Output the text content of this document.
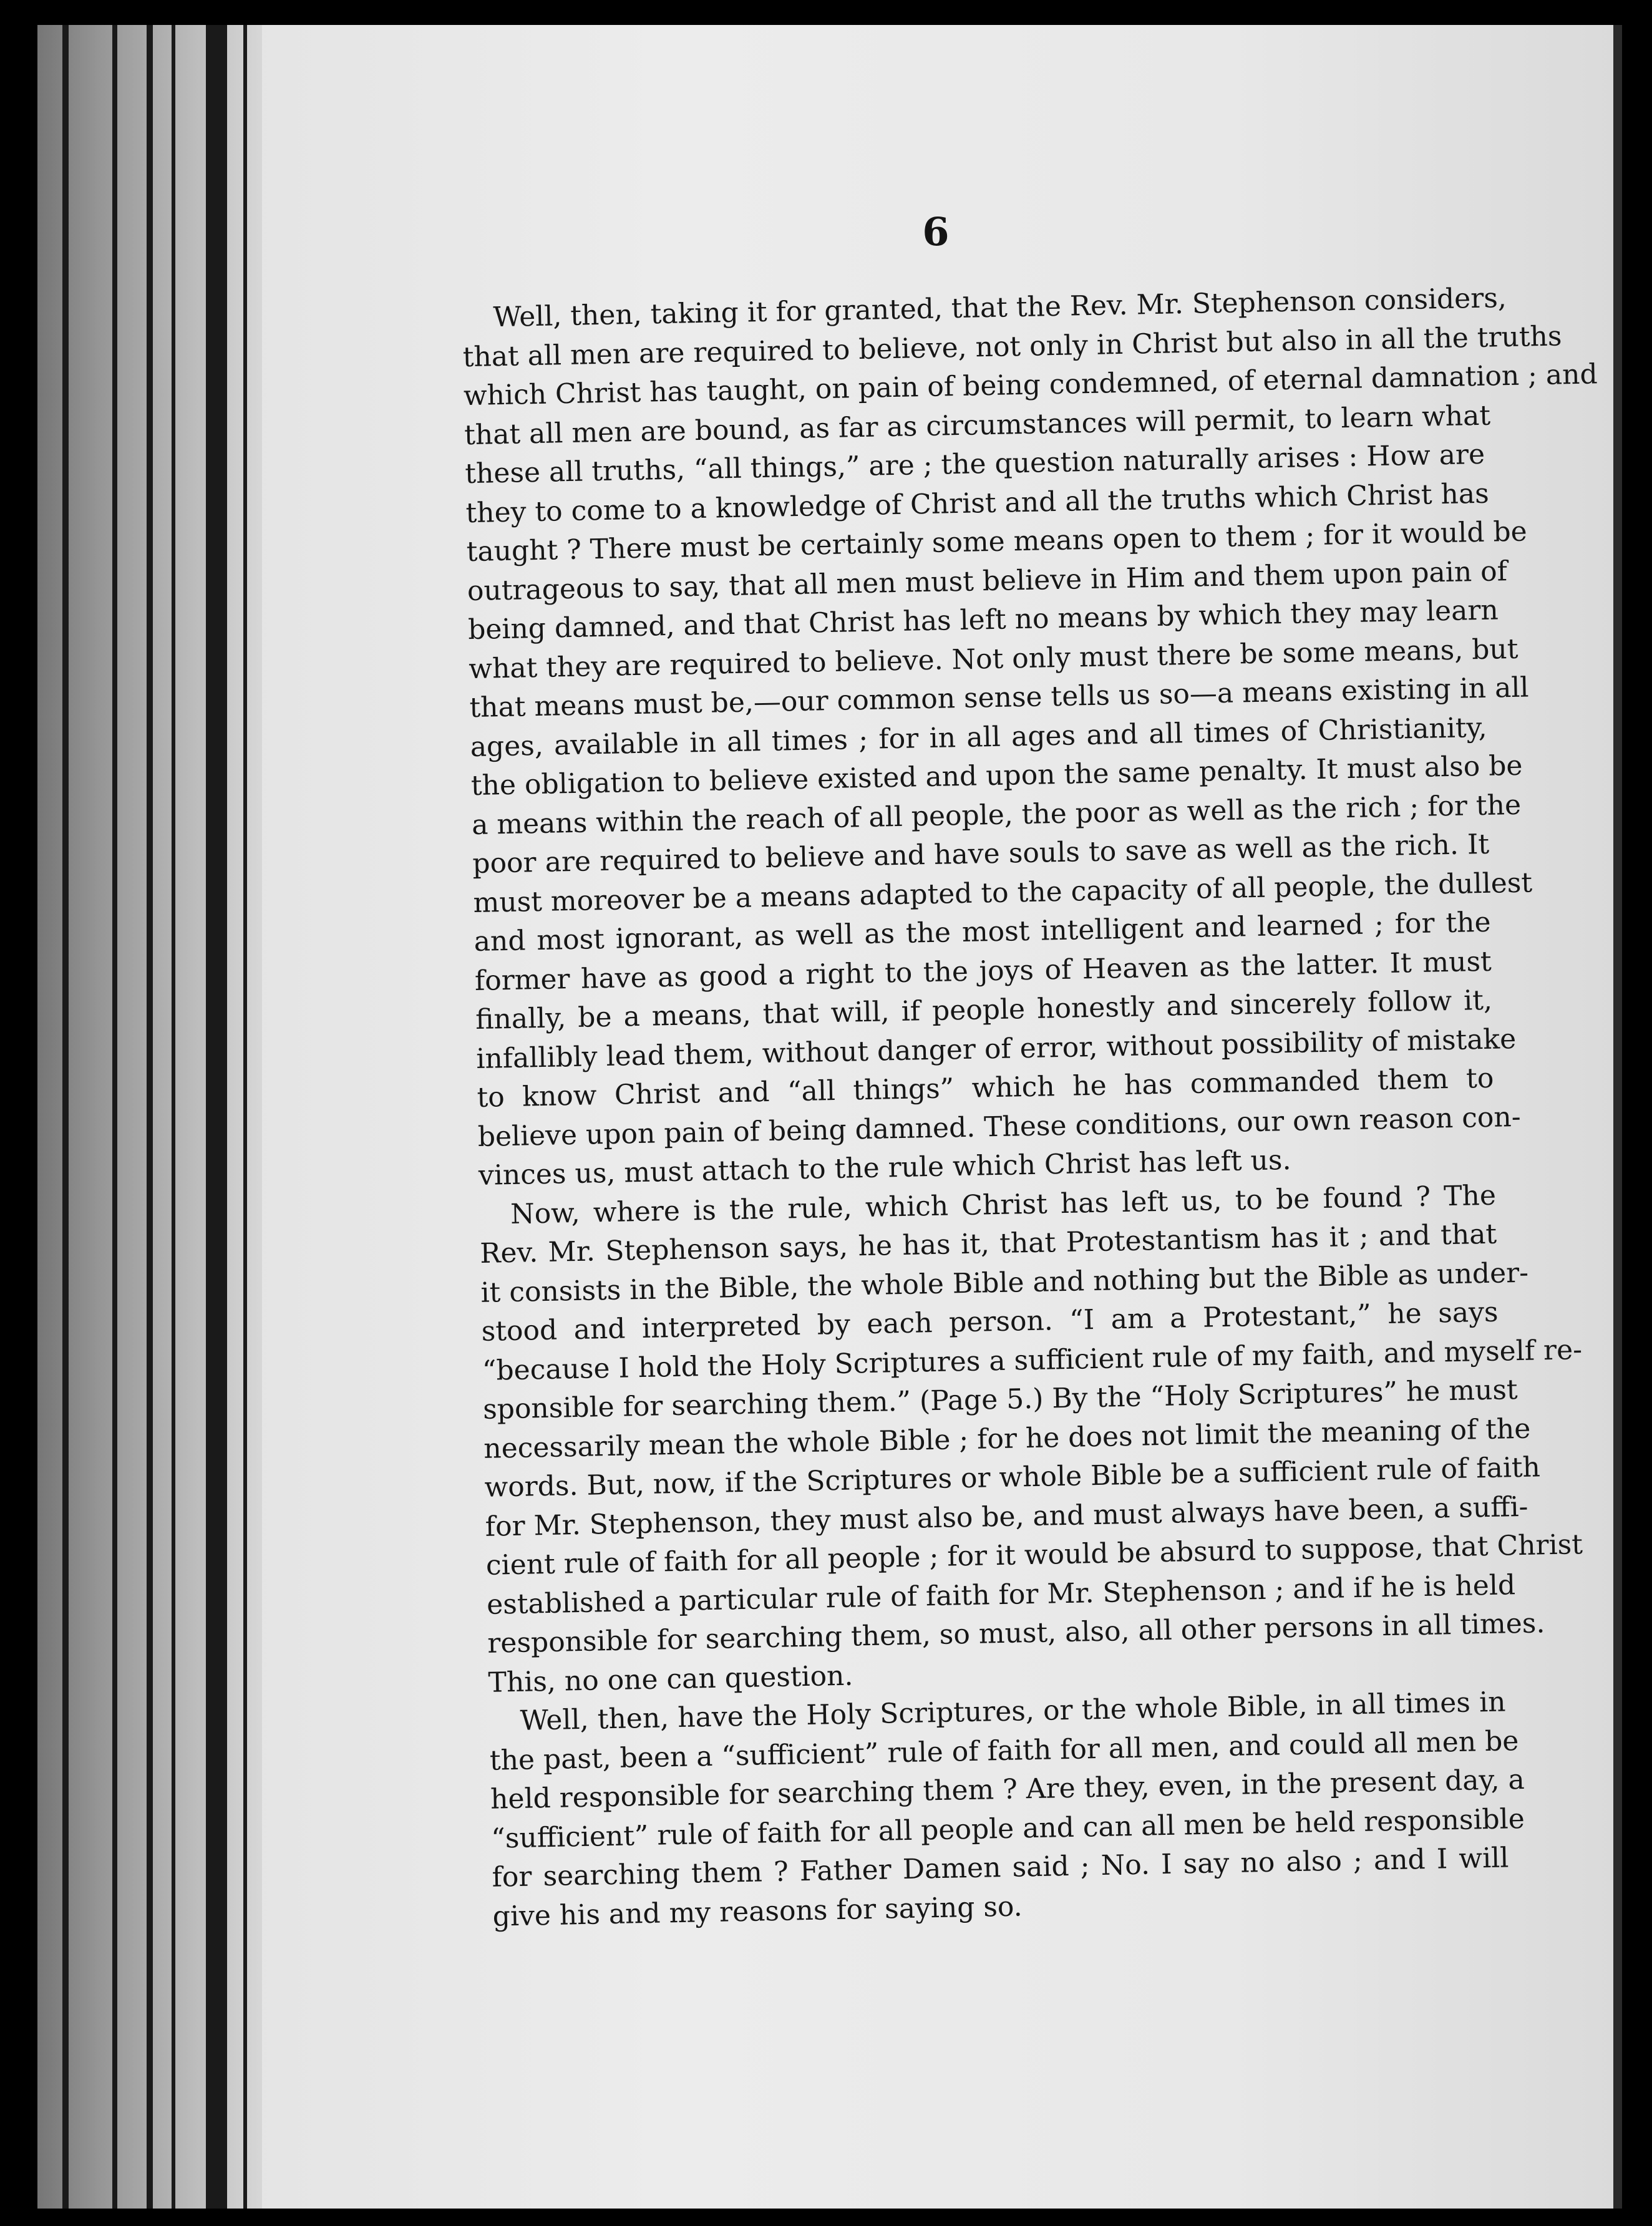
6
Well, then, taking it for granted, that the Rev. Mr. Stephenson considers,
that all men are required to believe, not only in Christ but also in all the truths
which Christ has taught, on pain of being condemned, of eternal damnation ; and
that all men are bound, as far as circumstances will permit, to learn what
these all truths, “all things,” are ; the question naturally arises : How are
they to come to a knowledge of Christ and all the truths which Christ has
taught ? There must be certainly some means open to them ; for it would be
outrageous to say, that all men must believe in Him and them upon pain of
being damned, and that Christ has left no means by which they may learn
what they are required to believe. Not only must there be some means, but
that means must be,—our common sense tells us so—a means existing in all
ages, available in all times ; for in all ages and all times of Christianity,
the obligation to believe existed and upon the same penalty. It must also be
a means within the reach of all people, the poor as well as the rich ; for the
poor are required to believe and have souls to save as well as the rich. It
must moreover be a means adapted to the capacity of all people, the dullest
and most ignorant, as well as the most intelligent and learned ; for the
former have as good a right to the joys of Heaven as the latter. It must
finally, be a means, that will, if people honestly and sincerely follow it,
infallibly lead them, without danger of error, without possibility of mistake
to know Christ and “all things” which he has commanded them to
believe upon pain of being damned. These conditions, our own reason con-
vinces us, must attach to the rule which Christ has left us.
Now, where is the rule, which Christ has left us, to be found ? The
Rev. Mr. Stephenson says, he has it, that Protestantism has it ; and that
it consists in the Bible, the whole Bible and nothing but the Bible as under-
stood and interpreted by each person. “I am a Protestant,” he says
“because I hold the Holy Scriptures a sufficient rule of my faith, and myself re-
sponsible for searching them.” (Page 5.) By the “Holy Scriptures” he must
necessarily mean the whole Bible ; for he does not limit the meaning of the
words. But, now, if the Scriptures or whole Bible be a sufficient rule of faith
for Mr. Stephenson, they must also be, and must always have been, a suffi-
cient rule of faith for all people ; for it would be absurd to suppose, that Christ
established a particular rule of faith for Mr. Stephenson ; and if he is held
responsible for searching them, so must, also, all other persons in all times.
This, no one can question.
Well, then, have the Holy Scriptures, or the whole Bible, in all times in
the past, been a “sufficient” rule of faith for all men, and could all men be
held responsible for searching them ? Are they, even, in the present day, a
“sufficient” rule of faith for all people and can all men be held responsible
for searching them ? Father Damen said ; No. I say no also ; and I will
give his and my reasons for saying so.
